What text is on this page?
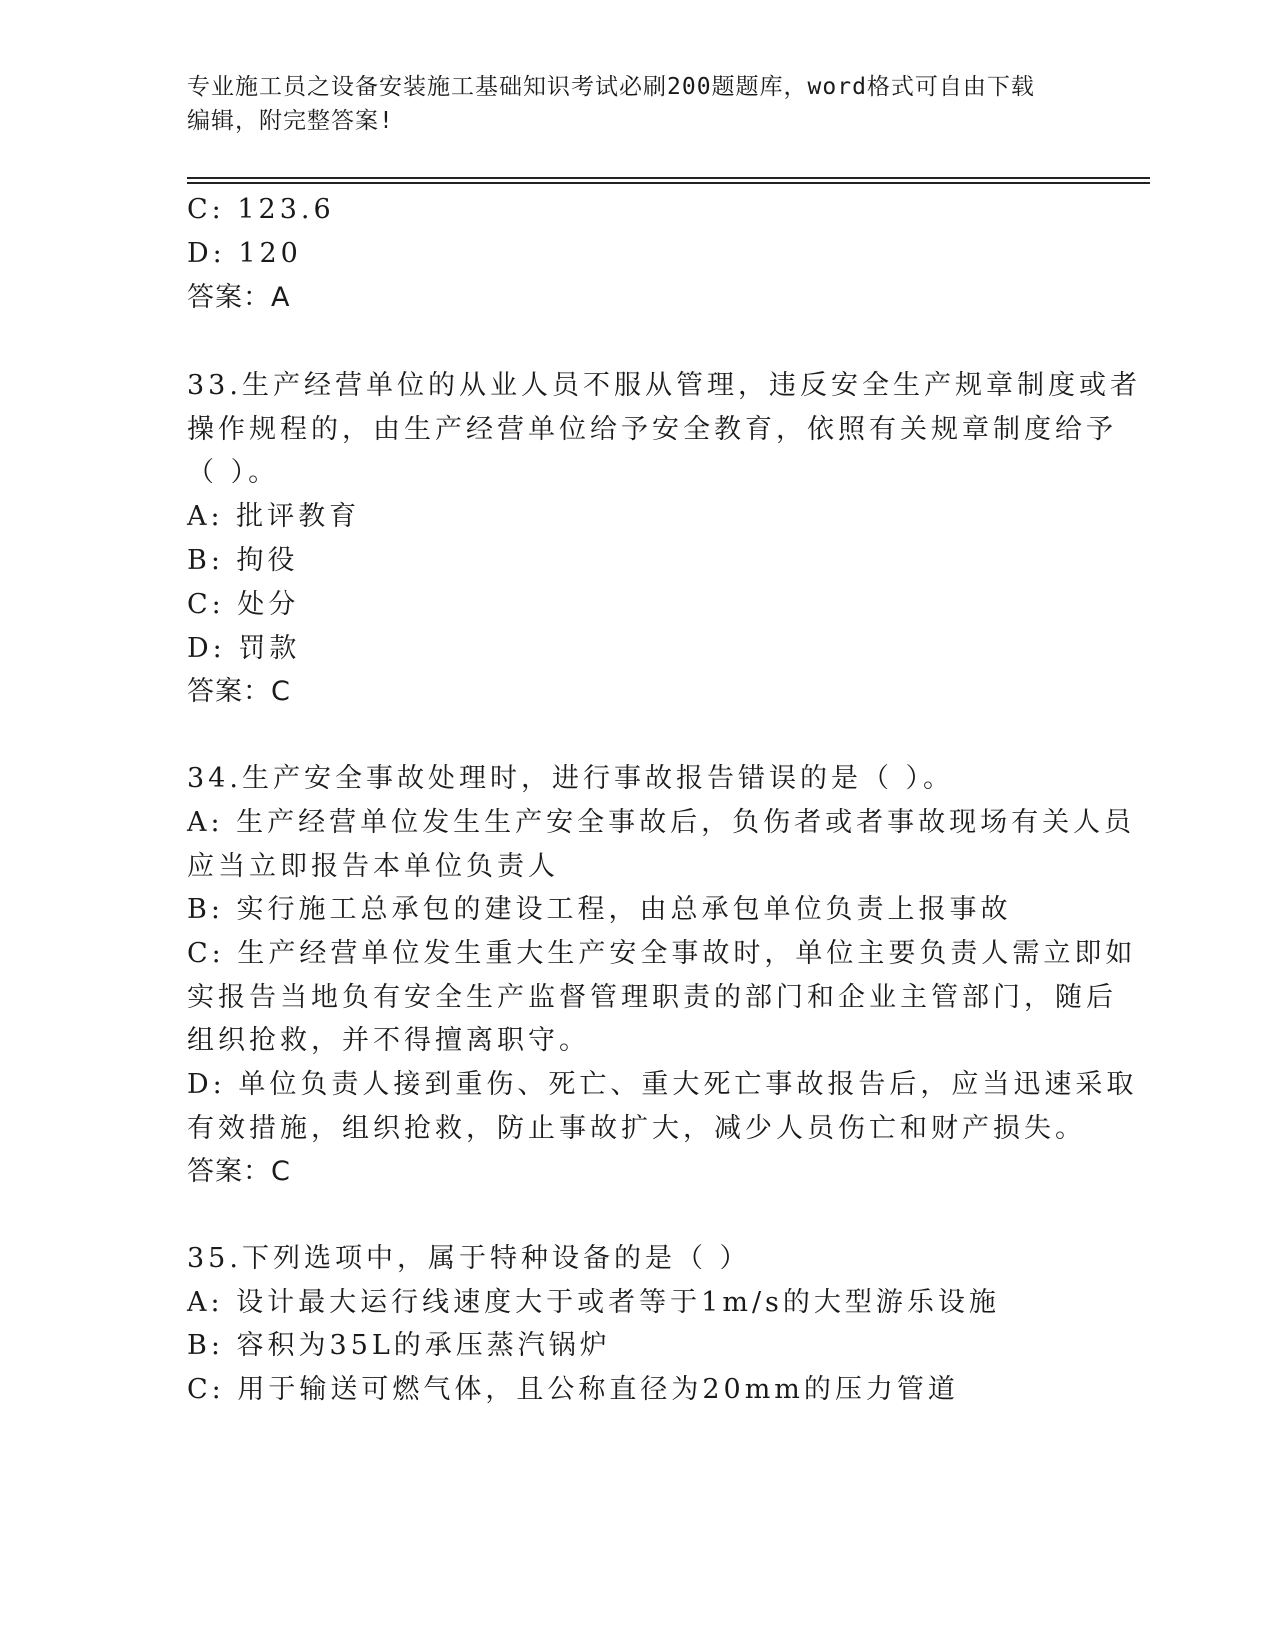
专业施工员之设备安装施工基础知识考试必刷200题题库，word格式可自由下载
编辑，附完整答案!
C: 123.6
D: 120
答案：A
33.生产经营单位的从业人员不服从管理，违反安全生产规章制度或者
操作规程的，由生产经营单位给予安全教育，依照有关规章制度给予
（ ）。
A: 批评教育
B: 拘役
C: 处分
D: 罚款
答案：C
34.生产安全事故处理时，进行事故报告错误的是（ ）。
A: 生产经营单位发生生产安全事故后，负伤者或者事故现场有关人员
应当立即报告本单位负责人
B: 实行施工总承包的建设工程，由总承包单位负责上报事故
C: 生产经营单位发生重大生产安全事故时，单位主要负责人需立即如
实报告当地负有安全生产监督管理职责的部门和企业主管部门，随后
组织抢救，并不得擅离职守。
D: 单位负责人接到重伤、死亡、重大死亡事故报告后，应当迅速采取
有效措施，组织抢救，防止事故扩大，减少人员伤亡和财产损失。
答案：C
35.下列选项中，属于特种设备的是（ ）
A: 设计最大运行线速度大于或者等于1m/s的大型游乐设施
B: 容积为35L的承压蒸汽锅炉
C: 用于输送可燃气体，且公称直径为20mm的压力管道
